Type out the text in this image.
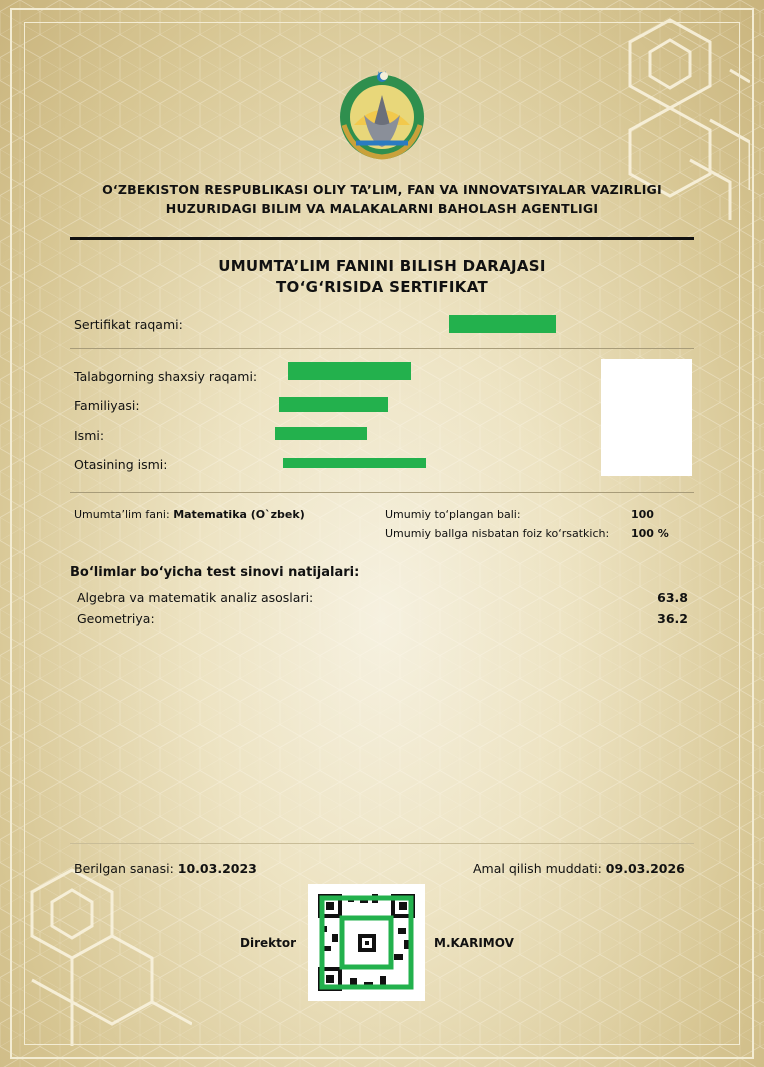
O‘ZBEKISTON RESPUBLIKASI OLIY TA’LIM, FAN VA INNOVATSIYALAR VAZIRLIGI
HUZURIDAGI BILIM VA MALAKALARNI BAHOLASH AGENTLIGI
UMUMTA’LIM FANINI BILISH DARAJASI
TO‘G‘RISIDA SERTIFIKAT
Sertifikat raqami:
Talabgorning shaxsiy raqami:
Familiyasi:
Ismi:
Otasining ismi:
Umumta’lim fani: Matematika (O`zbek)	Umumiy to‘plangan bali:	100
Umumiy ballga nisbatan foiz ko‘rsatkich: 100 %
Bo‘limlar bo‘yicha test sinovi natijalari:
Algebra va matematik analiz asoslari:	63.8
Geometriya:	36.2
Berilgan sanasi: 10.03.2023	Amal qilish muddati: 09.03.2026
Direktor	M.KARIMOV
